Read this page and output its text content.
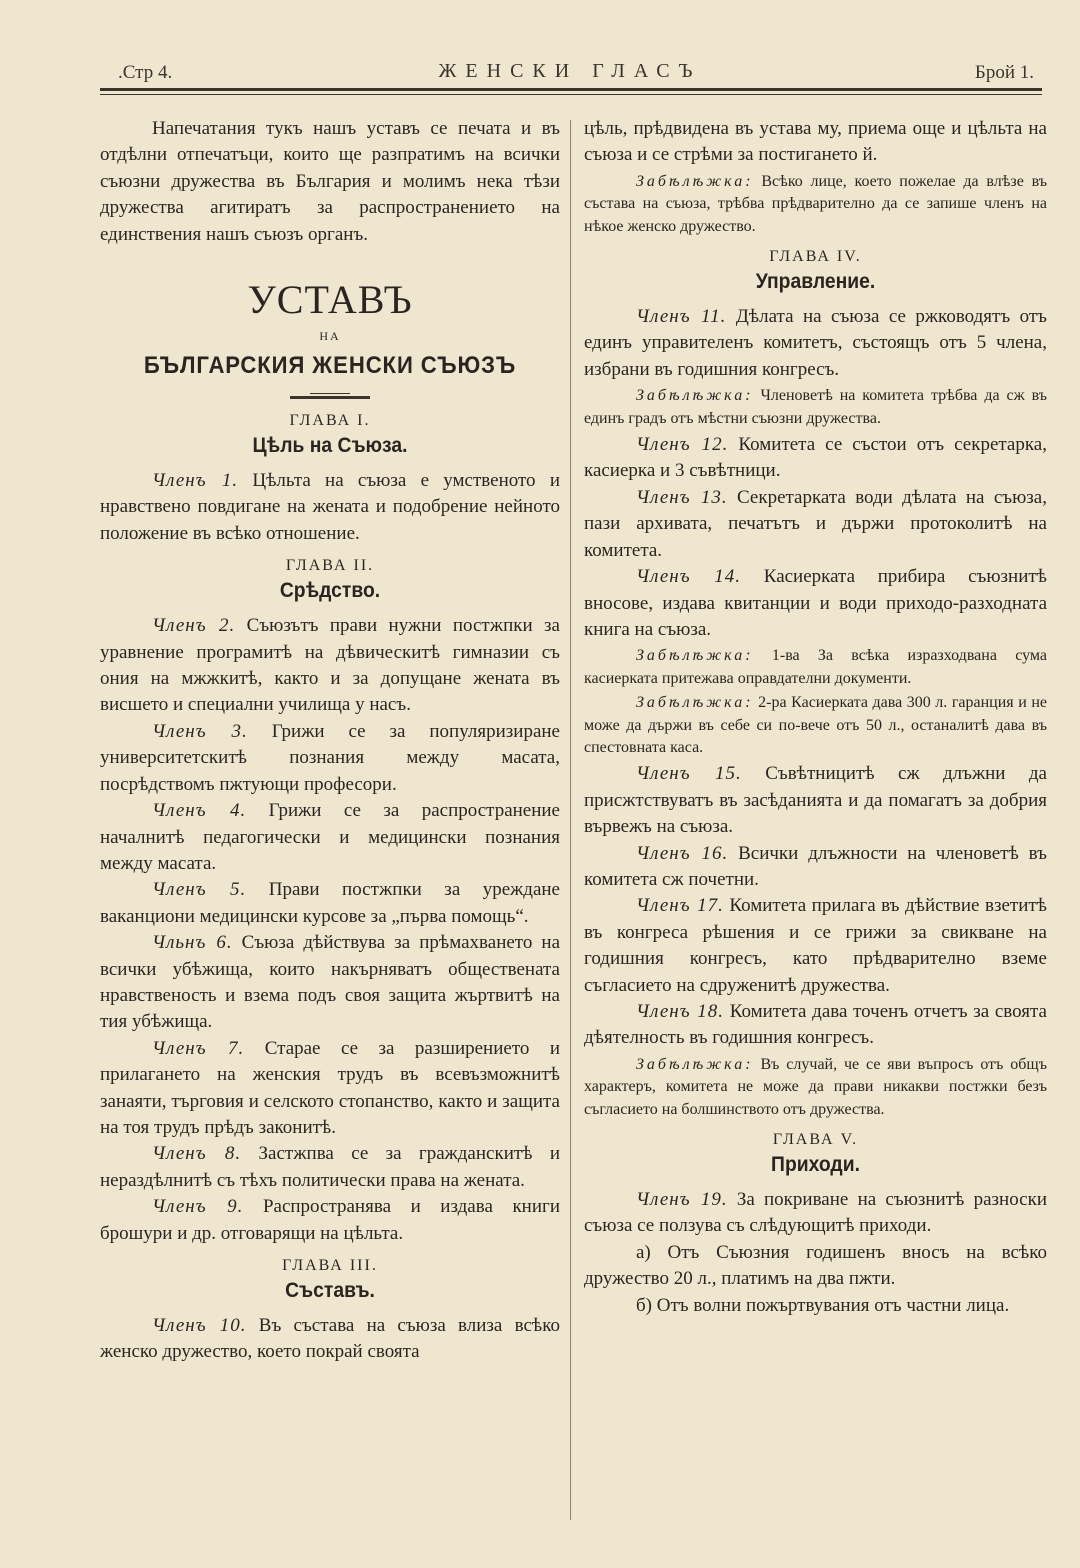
.Стр 4.	ЖЕНСКИ ГЛАСЪ	Брой 1.

Напечатания тукъ нашъ уставъ се печата и въ отдѣлни отпечатъци, които ще разпратимъ на всички съюзни дружества въ България и молимъ нека тѣзи дружества агитиратъ за распространението на единствения нашъ съюзъ органъ.

УСТАВЪ
НА
БЪЛГАРСКИЯ ЖЕНСКИ СЪЮЗЪ
ГЛАВА I.
Цѣль на Съюза.

Членъ 1. Цѣльта на съюза е умственото и нравствено повдигане на жената и подобрение нейното положение въ всѣко отношение.

ГЛАВА II.
Срѣдство.

Членъ 2. Съюзътъ прави нужни постжпки за уравнение програмитѣ на дѣвическитѣ гимназии съ ония на мжжкитѣ, както и за допущане жената въ висшето и специални училища у насъ.

Членъ 3. Грижи се за популяризиране университетскитѣ познания между масата, посрѣдствомъ пжтующи професори.

Членъ 4. Грижи се за распространение началнитѣ педагогически и медицински познания между масата.

Членъ 5. Прави постжпки за уреждане ваканциони медицински курсове за „първа помощь“.

Чльнъ 6. Съюза дѣйствува за прѣмахването на всички убѣжища, които накърняватъ обществената нравственость и взема подъ своя защита жъртвитѣ на тия убѣжища.

Членъ 7. Старае се за разширението и прилагането на женския трудъ въ всевъзможнитѣ занаяти, търговия и селското стопанство, както и защита на тоя трудъ прѣдъ законитѣ.

Членъ 8. Застжпва се за гражданскитѣ и нераздѣлнитѣ съ тѣхъ политически права на жената.

Членъ 9. Распространява и издава книги брошури и др. отговарящи на цѣльта.

ГЛАВА III.
Съставъ.

Членъ 10. Въ състава на съюза влиза всѣко женско дружество, което покрай своята

цѣль, прѣдвидена въ устава му, приема още и цѣльта на съюза и се стрѣми за постигането й.

Забѣлѣжка: Всѣко лице, което пожелае да влѣзе въ състава на съюза, трѣбва прѣдварително да се запише членъ на нѣкое женско дружество.

ГЛАВА IV.
Управление.

Членъ 11. Дѣлата на съюза се ржководятъ отъ единъ управителенъ комитетъ, състоящъ отъ 5 члена, избрани въ годишния конгресъ.

Забѣлѣжка: Членоветѣ на комитета трѣбва да сж въ единъ градъ отъ мѣстни съюзни дружества.

Членъ 12. Комитета се състои отъ секретарка, касиерка и 3 съвѣтници.

Членъ 13. Секретарката води дѣлата на съюза, пази архивата, печатътъ и държи протоколитѣ на комитета.

Членъ 14. Касиерката прибира съюзнитѣ вносове, издава квитанции и води приходо-разходната книга на съюза.

Забѣлѣжка: 1-ва За всѣка изразходвана сума касиерката притежава оправдателни документи.

Забѣлѣжка: 2-ра Касиерката дава 300 л. гаранция и не може да държи въ себе си по-вече отъ 50 л., останалитѣ дава въ спестовната каса.

Членъ 15. Съвѣтницитѣ сж длъжни да присжтствуватъ въ засѣданията и да помагатъ за добрия вървежъ на съюза.

Членъ 16. Всички длъжности на членоветѣ въ комитета сж почетни.

Членъ 17. Комитета прилага въ дѣйствие взетитѣ въ конгреса рѣшения и се грижи за свикване на годишния конгресъ, като прѣдварително вземе съгласието на сдруженитѣ дружества.

Членъ 18. Комитета дава точенъ отчетъ за своята дѣятелность въ годишния конгресъ.

Забѣлѣжка: Въ случай, че се яви въпросъ отъ общъ характеръ, комитета не може да прави никакви постжки безъ съгласието на болшинството отъ дружества.

ГЛАВА V.
Приходи.

Членъ 19. За покриване на съюзнитѣ разноски съюза се ползува съ слѣдующитѣ приходи.

а) Отъ Съюзния годишенъ вносъ на всѣко дружество 20 л., платимъ на два пжти.

б) Отъ волни пожъртвувания отъ частни лица.
